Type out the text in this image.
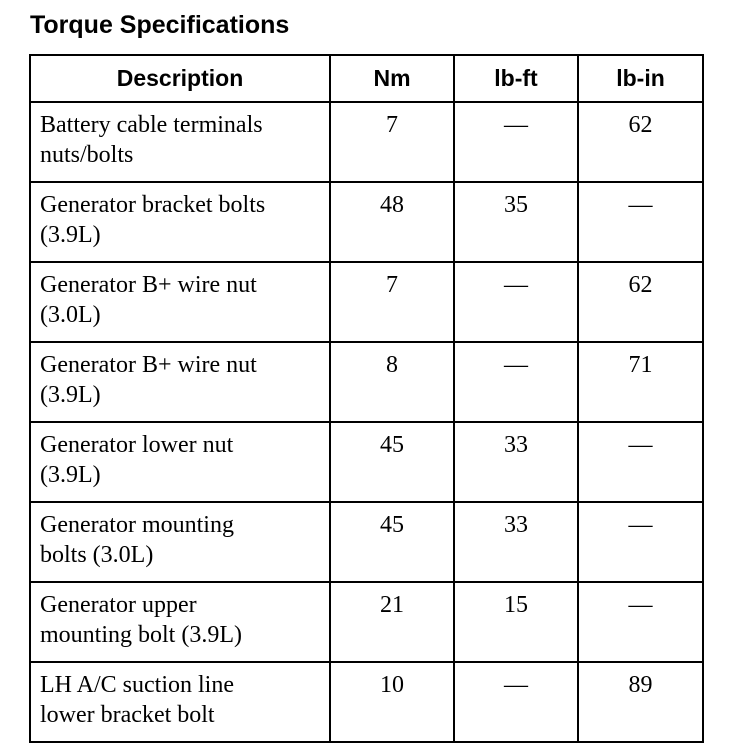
Torque Specifications
Description	Nm	lb-ft	lb-in
Battery cable terminals
nuts/bolts	7	—	62
Generator bracket bolts
(3.9L)	48	35	—
Generator B+ wire nut
(3.0L)	7	—	62
Generator B+ wire nut
(3.9L)	8	—	71
Generator lower nut
(3.9L)	45	33	—
Generator mounting
bolts (3.0L)	45	33	—
Generator upper
mounting bolt (3.9L)	21	15	—
LH A/C suction line
lower bracket bolt	10	—	89
